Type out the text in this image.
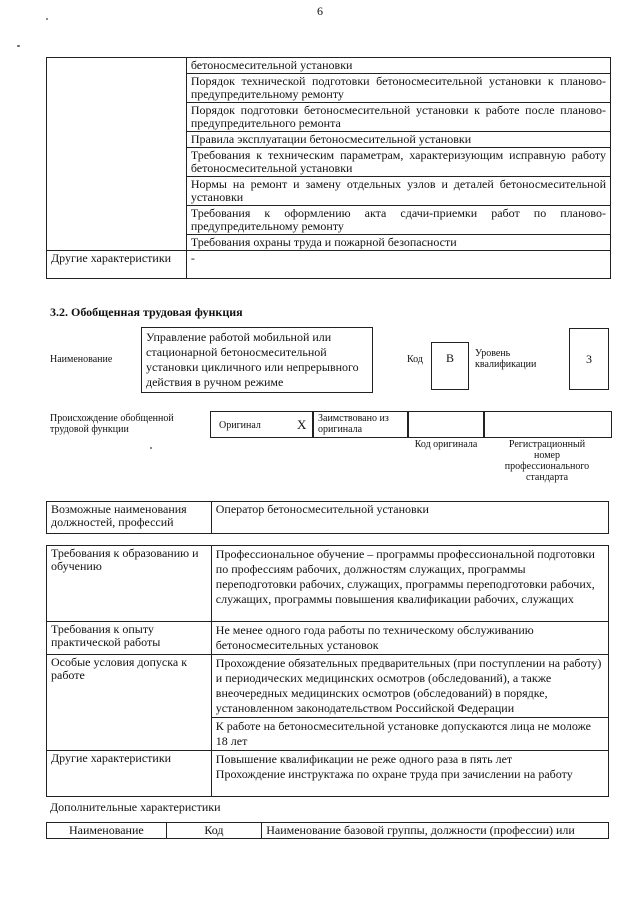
6
	бетоносмесительной установки
	Порядок технической подготовки бетоносмесительной установки к планово-предупредительному ремонту
	Порядок подготовки бетоносмесительной установки к работе после планово-предупредительного ремонта
	Правила эксплуатации бетоносмесительной установки
	Требования к техническим параметрам, характеризующим исправную работу бетоносмесительной установки
	Нормы на ремонт и замену отдельных узлов и деталей бетоносмесительной установки
	Требования к оформлению акта сдачи-приемки работ по планово-предупредительному ремонту
	Требования охраны труда и пожарной безопасности
Другие характеристики	-
3.2. Обобщенная трудовая функция
Наименование
Управление работой мобильной или стационарной бетоносмесительной установки цикличного или непрерывного действия в ручном режиме
Код	В	Уровень квалификации	3
Происхождение обобщенной трудовой функции	Оригинал	X Заимствовано из оригинала
Код оригинала	Регистрационный номер профессионального стандарта
Возможные наименования должностей, профессий	Оператор бетоносмесительной установки
Требования к образованию и обучению	Профессиональное обучение – программы профессиональной подготовки по профессиям рабочих, должностям служащих, программы переподготовки рабочих, служащих, программы переподготовки рабочих, служащих, программы повышения квалификации рабочих, служащих
Требования к опыту практической работы	Не менее одного года работы по техническому обслуживанию бетоносмесительных установок
Особые условия допуска к работе	Прохождение обязательных предварительных (при поступлении на работу) и периодических медицинских осмотров (обследований), а также внеочередных медицинских осмотров (обследований) в порядке, установленном законодательством Российской Федерации
	К работе на бетоносмесительной установке допускаются лица не моложе 18 лет
Другие характеристики	Повышение квалификации не реже одного раза в пять лет
Прохождение инструктажа по охране труда при зачислении на работу
Дополнительные характеристики
Наименование	Код	Наименование базовой группы, должности (профессии) или
